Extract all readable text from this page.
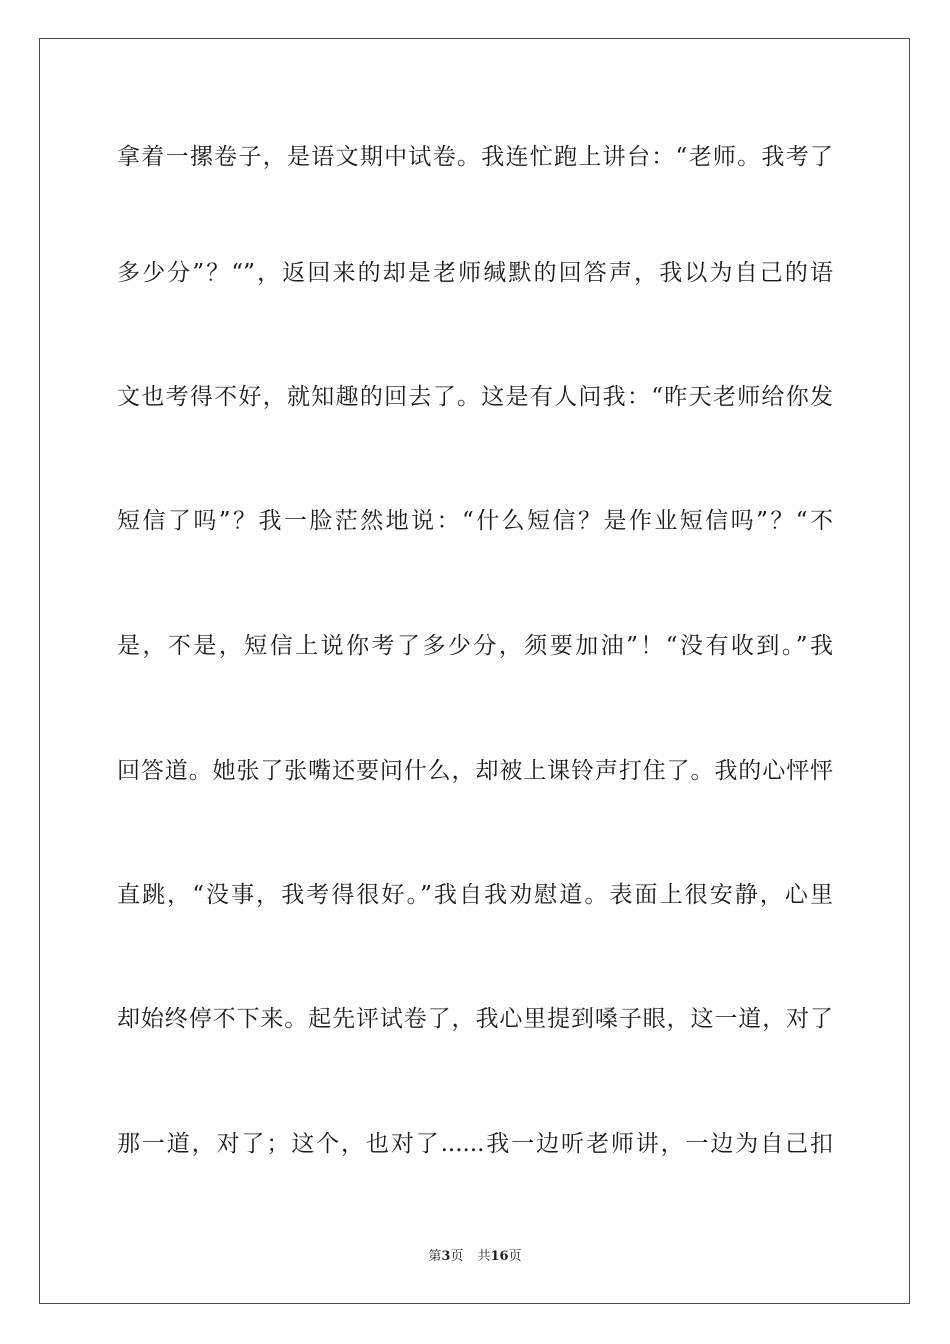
拿着一摞卷子，是语文期中试卷。我连忙跑上讲台：“老师。我考了
多少分”？“”，返回来的却是老师缄默的回答声，我以为自己的语
文也考得不好，就知趣的回去了。这是有人问我：“昨天老师给你发
短信了吗”？我一脸茫然地说：“什么短信？是作业短信吗”？“不
是，不是，短信上说你考了多少分，须要加油”！“没有收到。”我
回答道。她张了张嘴还要问什么，却被上课铃声打住了。我的心怦怦
直跳，“没事，我考得很好。”我自我劝慰道。表面上很安静，心里
却始终停不下来。起先评试卷了，我心里提到嗓子眼，这一道，对了
那一道，对了；这个，也对了......我一边听老师讲，一边为自己扣
第3页 共16页
